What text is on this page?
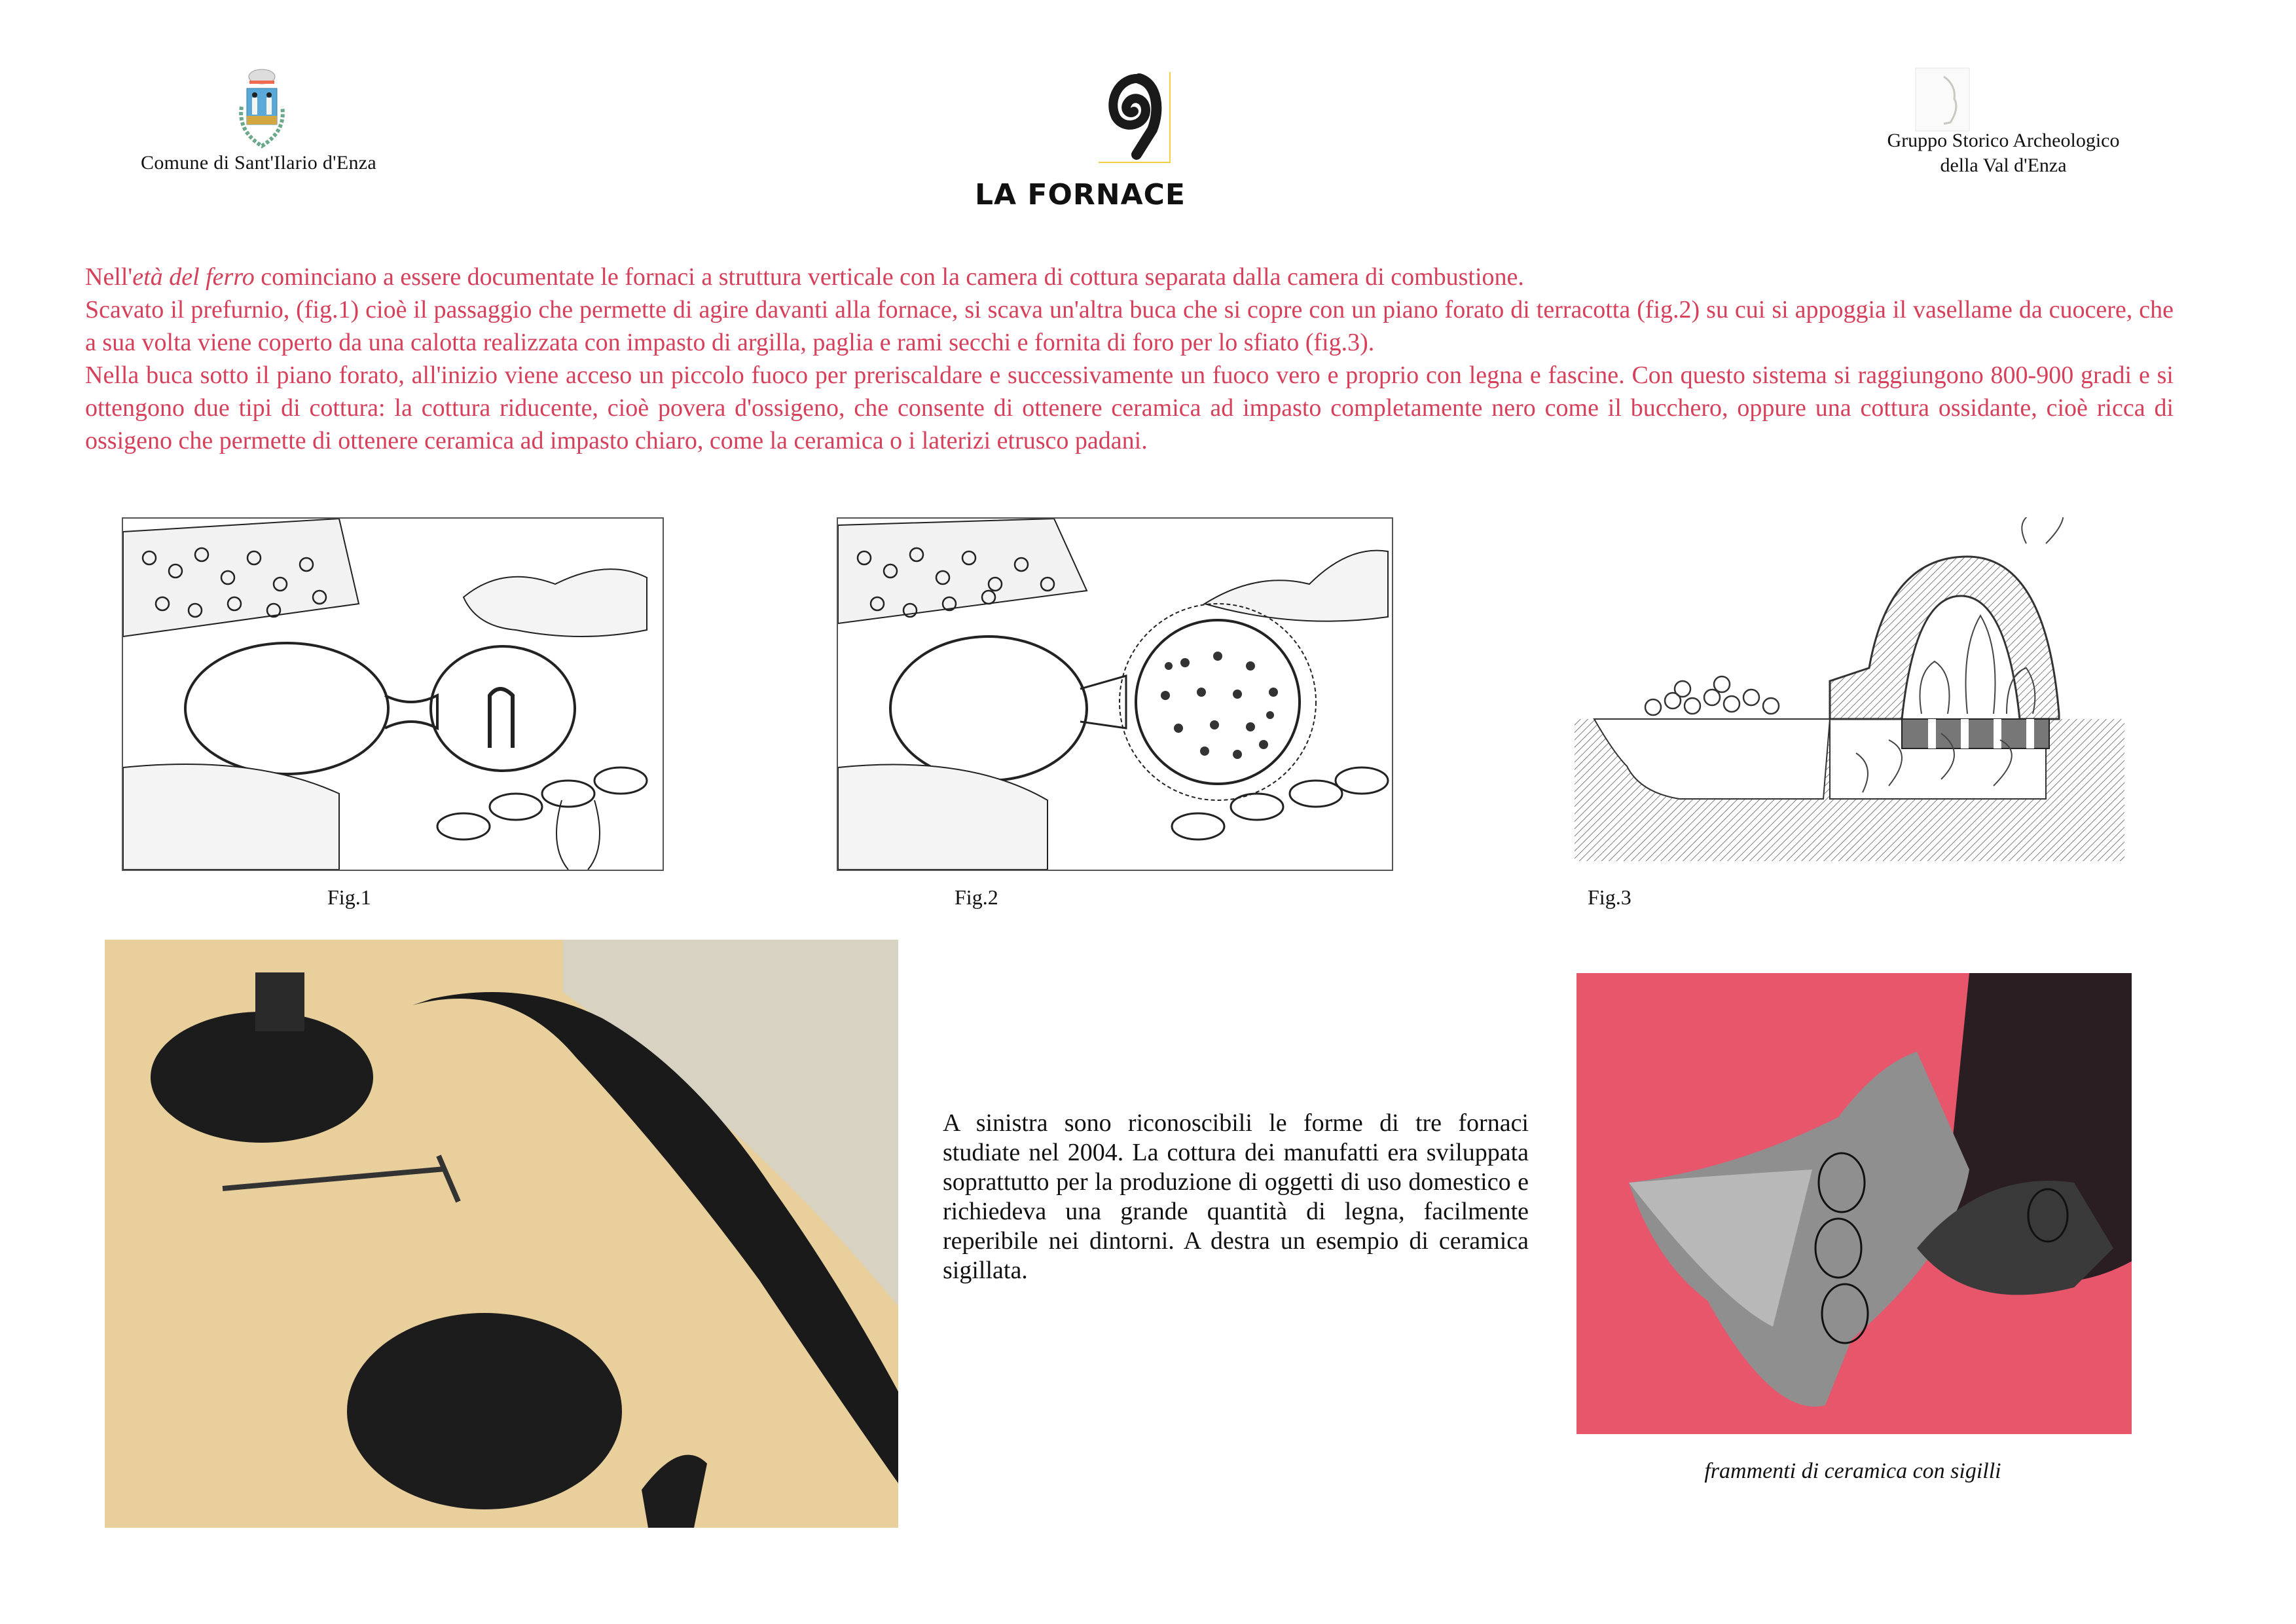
Comune di Sant'Ilario d'Enza
LA FORNACE
Gruppo Storico Archeologico
della Val d'Enza

Nell'età del ferro cominciano a essere documentate le fornaci a struttura verticale con la camera di cottura separata dalla camera di combustione.

Scavato il prefurnio, (fig.1) cioè il passaggio che permette di agire davanti alla fornace, si scava un'altra buca che si copre con un piano forato di terracotta (fig.2) su cui si appoggia il vasellame da cuocere, che a sua volta viene coperto da una calotta realizzata con impasto di argilla, paglia e rami secchi e fornita di foro per lo sfiato (fig.3).

Nella buca sotto il piano forato, all'inizio viene acceso un piccolo fuoco per preriscaldare e successivamente un fuoco vero e proprio con legna e fascine. Con questo sistema si raggiungono 800-900 gradi e si ottengono due tipi di cottura: la cottura riducente, cioè povera d'ossigeno, che consente di ottenere ceramica ad impasto completamente nero come il bucchero, oppure una cottura ossidante, cioè ricca di ossigeno che permette di ottenere ceramica ad impasto chiaro, come la ceramica o i laterizi etrusco padani.

Fig.1	Fig.2	Fig.3
A sinistra sono riconoscibili le forme di tre fornaci studiate nel 2004. La cottura dei manufatti era sviluppata soprattutto per la produzione di oggetti di uso domestico e richiedeva una grande quantità di legna, facilmente reperibile nei dintorni. A destra un esempio di ceramica sigillata.
frammenti di ceramica con sigilli
